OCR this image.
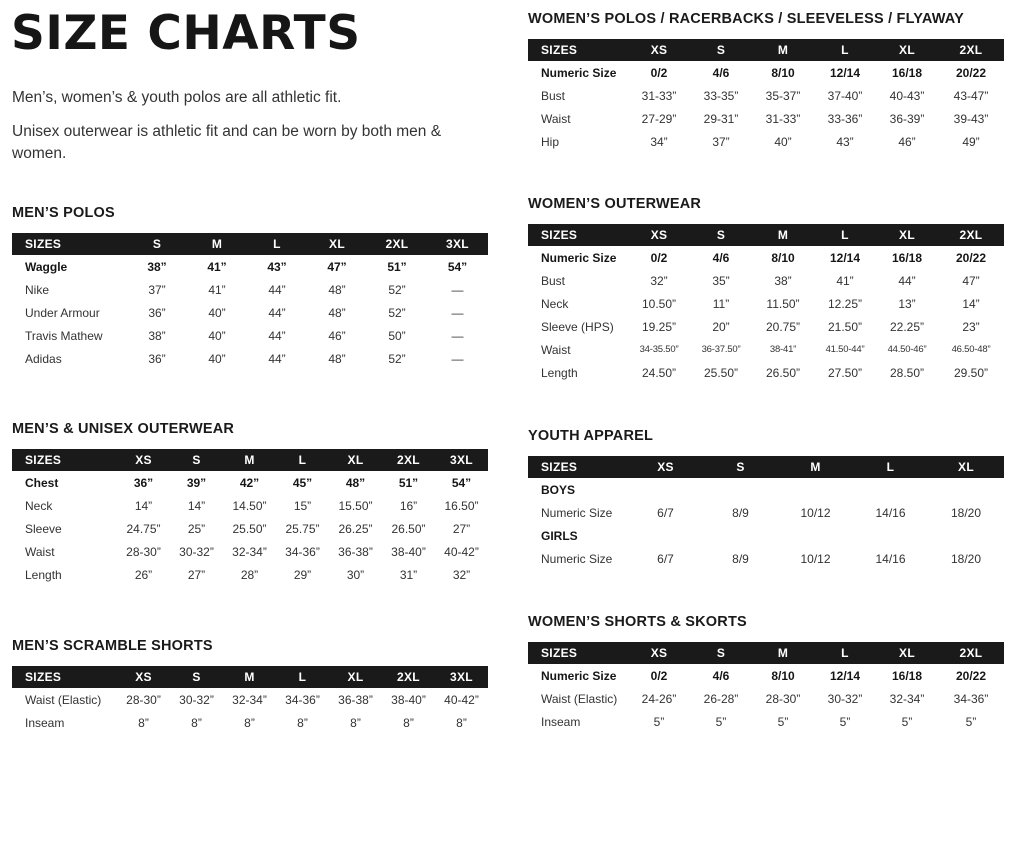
SIZE CHARTS

Men’s, women’s & youth polos are all athletic fit.

Unisex outerwear is athletic fit and can be worn by both men & women.

MEN’S POLOS
SIZES	S	M	L	XL	2XL	3XL
Waggle	38”	41”	43”	47”	51”	54”
Nike	37”	41”	44”	48”	52”	—
Under Armour	36”	40”	44”	48”	52”	—
Travis Mathew	38”	40”	44”	46”	50”	—
Adidas	36”	40”	44”	48”	52”	—
MEN’S & UNISEX OUTERWEAR
SIZES	XS	S	M	L	XL	2XL	3XL
Chest	36”	39”	42”	45”	48”	51”	54”
Neck	14”	14”	14.50”	15”	15.50”	16”	16.50”
Sleeve	24.75”	25”	25.50”	25.75”	26.25”	26.50”	27”
Waist	28-30”	30-32”	32-34”	34-36”	36-38”	38-40”	40-42”
Length	26”	27”	28”	29”	30”	31”	32”
MEN’S SCRAMBLE SHORTS
SIZES	XS	S	M	L	XL	2XL	3XL
Waist (Elastic)	28-30”	30-32”	32-34”	34-36”	36-38”	38-40”	40-42”
Inseam	8”	8”	8”	8”	8”	8”	8”
WOMEN’S POLOS / RACERBACKS / SLEEVELESS / FLYAWAY
SIZES	XS	S	M	L	XL	2XL
Numeric Size	0/2	4/6	8/10	12/14	16/18	20/22
Bust	31-33”	33-35”	35-37”	37-40”	40-43”	43-47”
Waist	27-29”	29-31”	31-33”	33-36”	36-39”	39-43”
Hip	34”	37”	40”	43”	46”	49”
WOMEN’S OUTERWEAR
SIZES	XS	S	M	L	XL	2XL
Numeric Size	0/2	4/6	8/10	12/14	16/18	20/22
Bust	32”	35”	38”	41”	44”	47”
Neck	10.50”	11”	11.50”	12.25”	13”	14”
Sleeve (HPS)	19.25”	20”	20.75”	21.50”	22.25”	23”
Waist	34-35.50”	36-37.50”	38-41”	41.50-44”	44.50-46”	46.50-48”
Length	24.50”	25.50”	26.50”	27.50”	28.50”	29.50”
YOUTH APPAREL
SIZES	XS	S	M	L	XL
BOYS					
Numeric Size	6/7	8/9	10/12	14/16	18/20
GIRLS					
Numeric Size	6/7	8/9	10/12	14/16	18/20
WOMEN’S SHORTS & SKORTS
SIZES	XS	S	M	L	XL	2XL
Numeric Size	0/2	4/6	8/10	12/14	16/18	20/22
Waist (Elastic)	24-26”	26-28”	28-30”	30-32”	32-34”	34-36”
Inseam	5”	5”	5”	5”	5”	5”
